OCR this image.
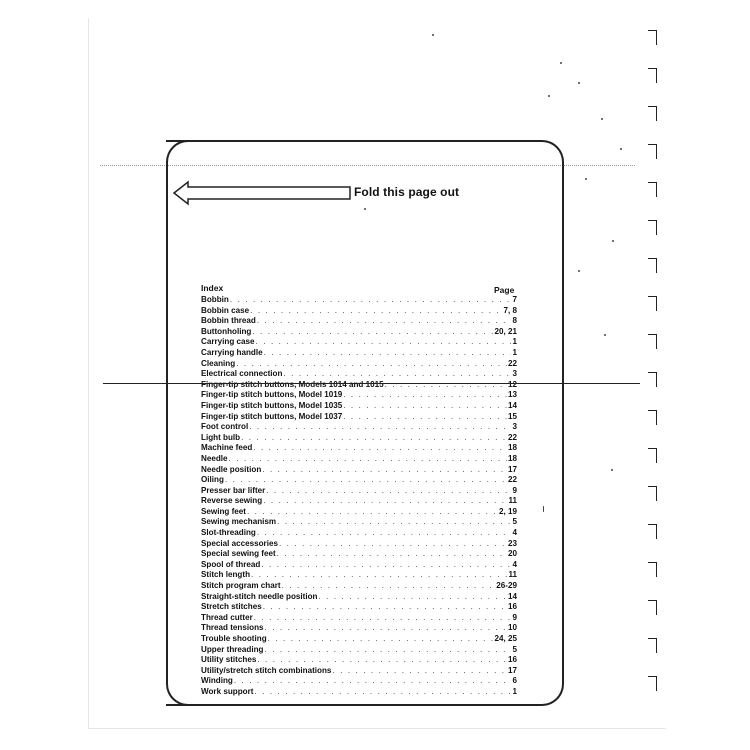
Fold this page out
Index	Page
Bobbin . . .	7
Bobbin case . . .	7, 8
Bobbin thread . . .	8
Buttonholing . . .	20, 21
Carrying case . . .	1
Carrying handle . . .	1
Cleaning . . .	22
Electrical connection . . .	3
Finger-tip stitch buttons, Models 1014 and 1015 . . .	12
Finger-tip stitch buttons, Model 1019 . . .	13
Finger-tip stitch buttons, Model 1035 . . .	14
Finger-tip stitch buttons, Model 1037 . . .	15
Foot control . . .	3
Light bulb . . .	22
Machine feed . . .	18
Needle . . .	18
Needle position . . .	17
Oiling . . .	22
Presser bar lifter . . .	9
Reverse sewing . . .	11
Sewing feet . . .	2, 19
Sewing mechanism . . .	5
Slot-threading . . .	4
Special accessories . . .	23
Special sewing feet . . .	20
Spool of thread . . .	4
Stitch length . . .	11
Stitch program chart . . .	26-29
Straight-stitch needle position . . .	14
Stretch stitches . . .	16
Thread cutter . . .	9
Thread tensions . . .	10
Trouble shooting . . .	24, 25
Upper threading . . .	5
Utility stitches . . .	16
Utility/stretch stitch combinations . . .	17
Winding . . .	6
Work support . . .	1
